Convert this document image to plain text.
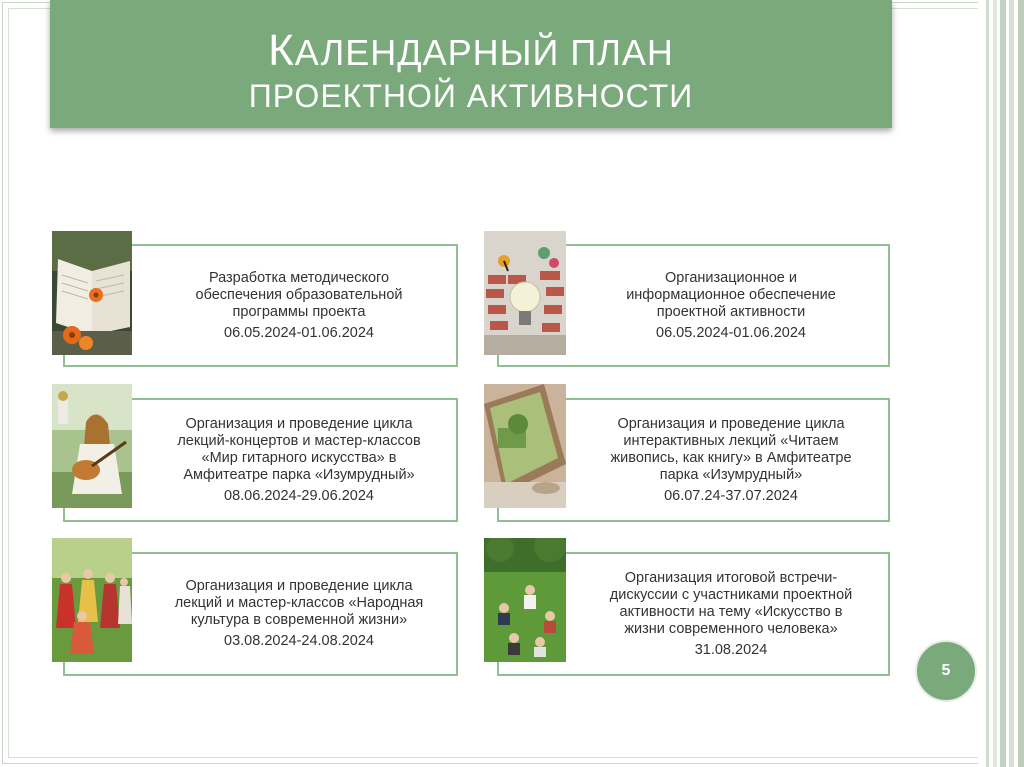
КАЛЕНДАРНЫЙ ПЛАН
ПРОЕКТНОЙ АКТИВНОСТИ
Разработка методического
обеспечения образовательной
программы проекта
06.05.2024-01.06.2024
Организационное и
информационное обеспечение
проектной активности
06.05.2024-01.06.2024
Организация и проведение цикла
лекций-концертов и мастер-классов
«Мир гитарного искусства» в
Амфитеатре парка «Изумрудный»
08.06.2024-29.06.2024
Организация и проведение цикла
интерактивных лекций «Читаем
живопись, как книгу» в Амфитеатре
парка «Изумрудный»
06.07.24-37.07.2024
Организация и проведение цикла
лекций и мастер-классов «Народная
культура в современной жизни»
03.08.2024-24.08.2024
Организация итоговой встречи-
дискуссии с участниками проектной
активности на тему «Искусство в
жизни современного человека»
31.08.2024
5
